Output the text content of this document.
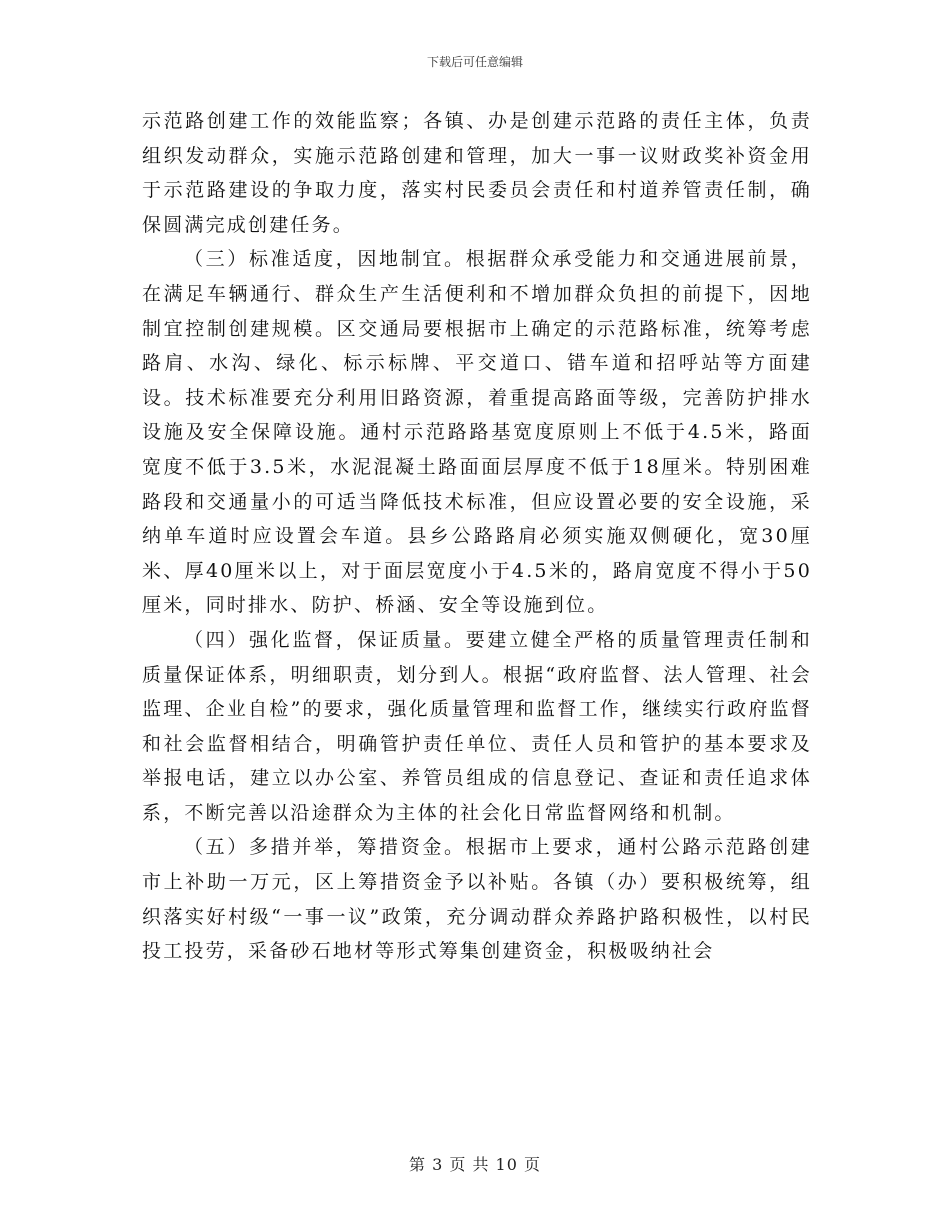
下载后可任意编辑

示范路创建工作的效能监察；各镇、办是创建示范路的责任主体，负责组织发动群众，实施示范路创建和管理，加大一事一议财政奖补资金用于示范路建设的争取力度，落实村民委员会责任和村道养管责任制，确保圆满完成创建任务。

（三）标准适度，因地制宜。根据群众承受能力和交通进展前景，在满足车辆通行、群众生产生活便利和不增加群众负担的前提下，因地制宜控制创建规模。区交通局要根据市上确定的示范路标准，统筹考虑路肩、水沟、绿化、标示标牌、平交道口、错车道和招呼站等方面建设。技术标准要充分利用旧路资源，着重提高路面等级，完善防护排水设施及安全保障设施。通村示范路路基宽度原则上不低于4.5米，路面宽度不低于3.5米，水泥混凝土路面面层厚度不低于18厘米。特别困难路段和交通量小的可适当降低技术标准，但应设置必要的安全设施，采纳单车道时应设置会车道。县乡公路路肩必须实施双侧硬化，宽30厘米、厚40厘米以上，对于面层宽度小于4.5米的，路肩宽度不得小于50厘米，同时排水、防护、桥涵、安全等设施到位。

（四）强化监督，保证质量。要建立健全严格的质量管理责任制和质量保证体系，明细职责，划分到人。根据“政府监督、法人管理、社会监理、企业自检”的要求，强化质量管理和监督工作，继续实行政府监督和社会监督相结合，明确管护责任单位、责任人员和管护的基本要求及举报电话，建立以办公室、养管员组成的信息登记、查证和责任追求体系，不断完善以沿途群众为主体的社会化日常监督网络和机制。

（五）多措并举，筹措资金。根据市上要求，通村公路示范路创建市上补助一万元，区上筹措资金予以补贴。各镇（办）要积极统筹，组织落实好村级“一事一议”政策，充分调动群众养路护路积极性，以村民投工投劳，采备砂石地材等形式筹集创建资金，积极吸纳社会

第 3 页 共 10 页
